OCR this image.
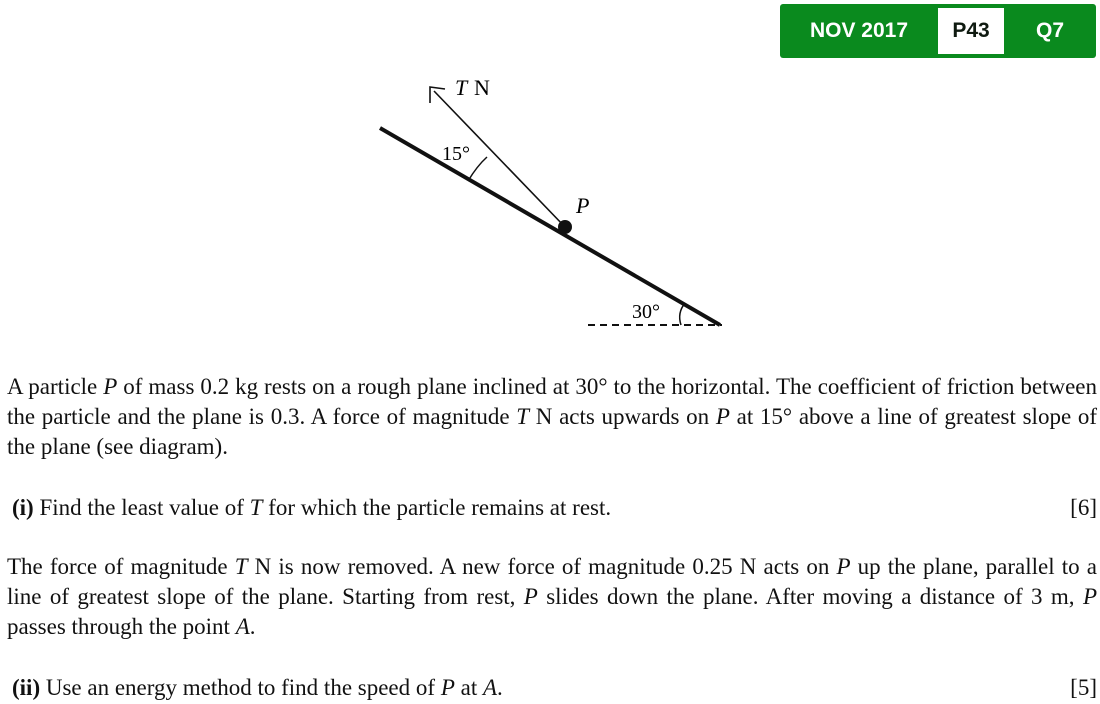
NOV 2017	P43	Q7
T N
15°
P
30°
A particle P of mass 0.2 kg rests on a rough plane inclined at 30° to the horizontal. The coefficient of friction between the particle and the plane is 0.3. A force of magnitude T N acts upwards on P at 15° above a line of greatest slope of the plane (see diagram).
(i) Find the least value of T for which the particle remains at rest.	[6]
The force of magnitude T N is now removed. A new force of magnitude 0.25 N acts on P up the plane, parallel to a line of greatest slope of the plane. Starting from rest, P slides down the plane. After moving a distance of 3 m, P passes through the point A.
(ii) Use an energy method to find the speed of P at A.	[5]
